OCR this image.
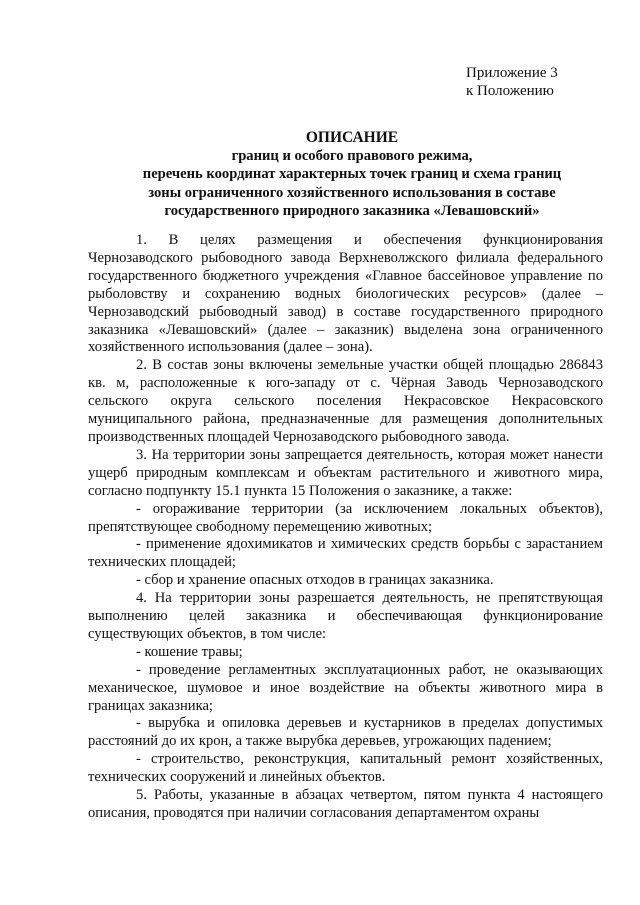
Приложение 3
к Положению
ОПИСАНИЕ
границ и особого правового режима,
перечень координат характерных точек границ и схема границ
зоны ограниченного хозяйственного использования в составе
государственного природного заказника «Левашовский»

1. В целях размещения и обеспечения функционирования Чернозаводского рыбоводного завода Верхневолжского филиала федерального государственного бюджетного учреждения «Главное бассейновое управление по рыболовству и сохранению водных биологических ресурсов» (далее – Чернозаводский рыбоводный завод) в составе государственного природного заказника «Левашовский» (далее – заказник) выделена зона ограниченного хозяйственного использования (далее – зона).

2. В состав зоны включены земельные участки общей площадью 286843 кв. м, расположенные к юго-западу от с. Чёрная Заводь Чернозаводского сельского округа сельского поселения Некрасовское Некрасовского муниципального района, предназначенные для размещения дополнительных производственных площадей Чернозаводского рыбоводного завода.

3. На территории зоны запрещается деятельность, которая может нанести ущерб природным комплексам и объектам растительного и животного мира, согласно подпункту 15.1 пункта 15 Положения о заказнике, а также:

- огораживание территории (за исключением локальных объектов), препятствующее свободному перемещению животных;

- применение ядохимикатов и химических средств борьбы с зарастанием технических площадей;

- сбор и хранение опасных отходов в границах заказника.

4. На территории зоны разрешается деятельность, не препятствующая выполнению целей заказника и обеспечивающая функционирование существующих объектов, в том числе:

- кошение травы;

- проведение регламентных эксплуатационных работ, не оказывающих механическое, шумовое и иное воздействие на объекты животного мира в границах заказника;

- вырубка и опиловка деревьев и кустарников в пределах допустимых расстояний до их крон, а также вырубка деревьев, угрожающих падением;

- строительство, реконструкция, капитальный ремонт хозяйственных, технических сооружений и линейных объектов.

5. Работы, указанные в абзацах четвертом, пятом пункта 4 настоящего описания, проводятся при наличии согласования департаментом охраны
